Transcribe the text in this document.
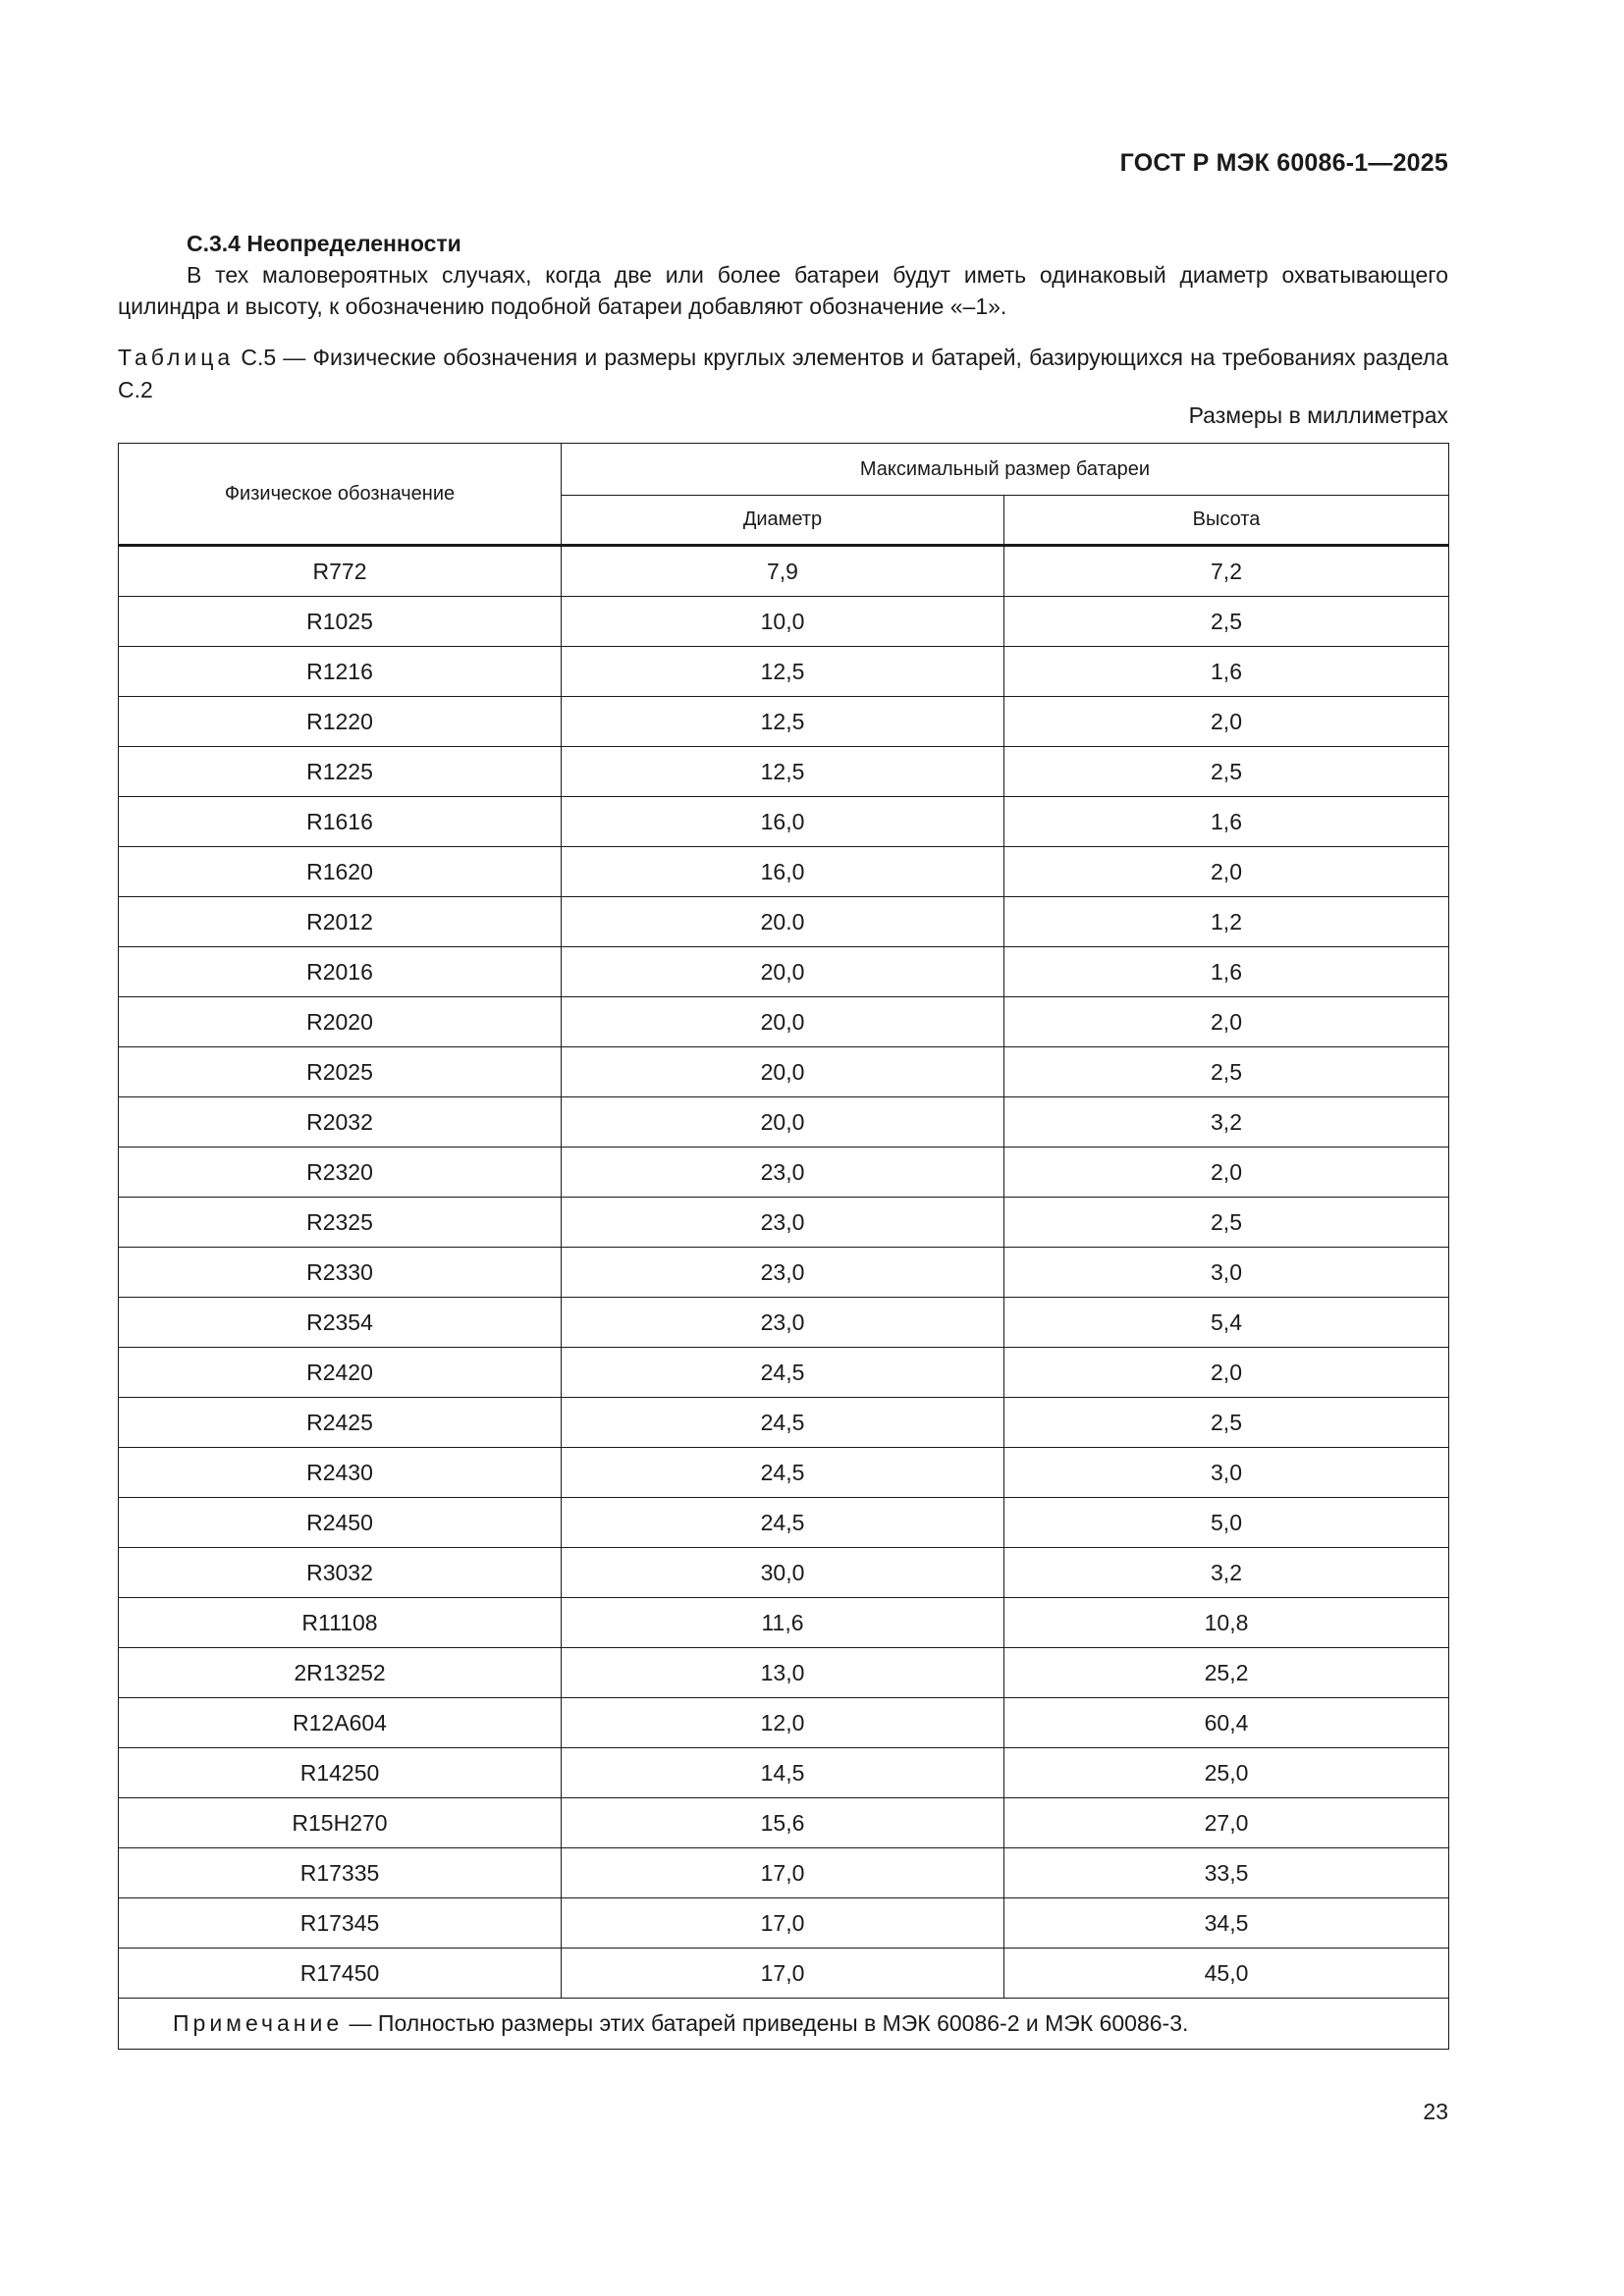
ГОСТ Р МЭК 60086-1—2025
С.3.4 Неопределенности
В тех маловероятных случаях, когда две или более батареи будут иметь одинаковый диаметр охватывающего цилиндра и высоту, к обозначению подобной батареи добавляют обозначение «–1».
Таблица С.5 — Физические обозначения и размеры круглых элементов и батарей, базирующихся на требованиях раздела С.2
Размеры в миллиметрах
Физическое обозначение	Максимальный размер батареи	
	Диаметр	Высота
R772	7,9	7,2
R1025	10,0	2,5
R1216	12,5	1,6
R1220	12,5	2,0
R1225	12,5	2,5
R1616	16,0	1,6
R1620	16,0	2,0
R2012	20.0	1,2
R2016	20,0	1,6
R2020	20,0	2,0
R2025	20,0	2,5
R2032	20,0	3,2
R2320	23,0	2,0
R2325	23,0	2,5
R2330	23,0	3,0
R2354	23,0	5,4
R2420	24,5	2,0
R2425	24,5	2,5
R2430	24,5	3,0
R2450	24,5	5,0
R3032	30,0	3,2
R11108	11,6	10,8
2R13252	13,0	25,2
R12A604	12,0	60,4
R14250	14,5	25,0
R15H270	15,6	27,0
R17335	17,0	33,5
R17345	17,0	34,5
R17450	17,0	45,0
Примечание — Полностью размеры этих батарей приведены в МЭК 60086-2 и МЭК 60086-3.		
23
